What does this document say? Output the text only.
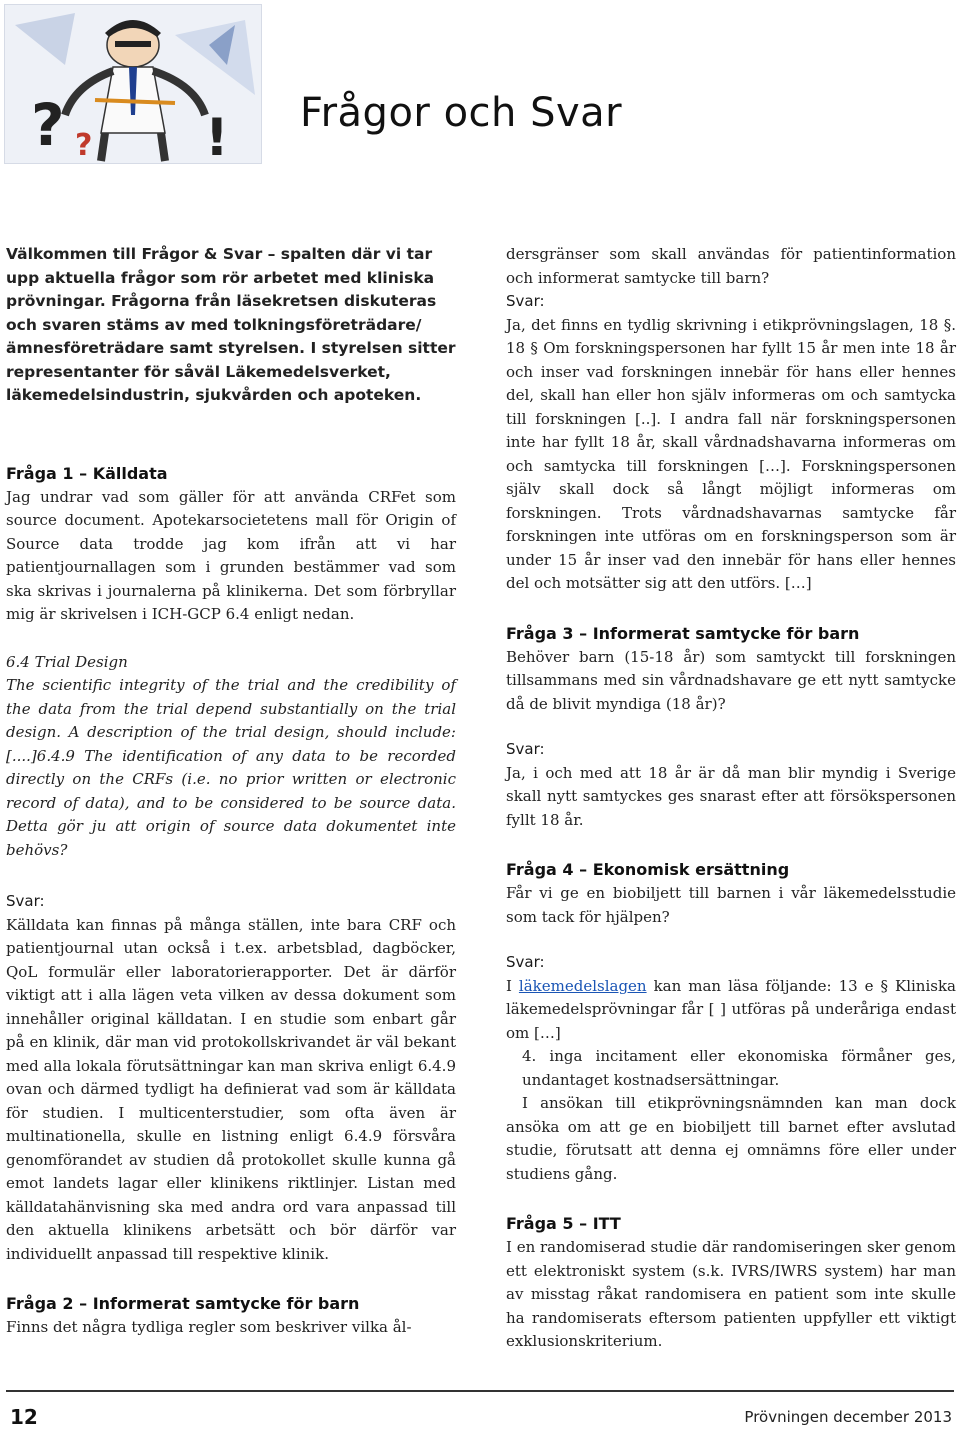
?	!
?
Frågor och Svar

Välkommen till Frågor & Svar – spalten där vi tar upp aktuella frågor som rör arbetet med kliniska prövningar. Frågorna från läsekretsen diskuteras och svaren stäms av med tolkningsföreträdare/ämnesföreträdare samt styrelsen. I styrelsen sitter representanter för såväl Läkemedelsverket, läkemedelsindustrin, sjukvården och apoteken.

Fråga 1 – Källdata

Jag undrar vad som gäller för att använda CRFet som source document. Apotekarsocietetens mall för Origin of Source data trodde jag kom ifrån att vi har patientjournallagen som i grunden bestämmer vad som ska skrivas i journalerna på klinikerna. Det som förbryllar mig är skrivelsen i ICH-GCP 6.4 enligt nedan.

6.4 Trial Design
The scientific integrity of the trial and the credibility of the data from the trial depend substantially on the trial design. A description of the trial design, should include: [....]6.4.9 The identification of any data to be recorded directly on the CRFs (i.e. no prior written or electronic record of data), and to be considered to be source data. Detta gör ju att origin of source data dokumentet inte behövs?

Svar:

Källdata kan finnas på många ställen, inte bara CRF och patientjournal utan också i t.ex. arbetsblad, dagböcker, QoL formulär eller laboratorierapporter. Det är därför viktigt att i alla lägen veta vilken av dessa dokument som innehåller original källdatan. I en studie som enbart går på en klinik, där man vid protokollskrivandet är väl bekant med alla lokala förutsättningar kan man skriva enligt 6.4.9 ovan och därmed tydligt ha definierat vad som är källdata för studien. I multicenterstudier, som ofta även är multinationella, skulle en listning enligt 6.4.9 försvåra genomförandet av studien då protokollet skulle kunna gå emot landets lagar eller klinikens riktlinjer. Listan med källdatahänvisning ska med andra ord vara anpassad till den aktuella klinikens arbetsätt och bör därför var individuellt anpassad till respektive klinik.

Fråga 2 – Informerat samtycke för barn

Finns det några tydliga regler som beskriver vilka ål-

dersgränser som skall användas för patientinformation och informerat samtycke till barn?

Svar:

Ja, det finns en tydlig skrivning i etikprövningslagen, 18 §. 18 § Om forskningspersonen har fyllt 15 år men inte 18 år och inser vad forskningen innebär för hans eller hennes del, skall han eller hon själv informeras om och samtycka till forskningen [..]. I andra fall när forskningspersonen inte har fyllt 18 år, skall vårdnadshavarna informeras om och samtycka till forskningen […]. Forskningspersonen själv skall dock så långt möjligt informeras om forskningen. Trots vårdnadshavarnas samtycke får forskningen inte utföras om en forskningsperson som är under 15 år inser vad den innebär för hans eller hennes del och motsätter sig att den utförs. […]

Fråga 3 – Informerat samtycke för barn

Behöver barn (15-18 år) som samtyckt till forskningen tillsammans med sin vårdnadshavare ge ett nytt samtycke då de blivit myndiga (18 år)?

Svar:

Ja, i och med att 18 år är då man blir myndig i Sverige skall nytt samtyckes ges snarast efter att försökspersonen fyllt 18 år.

Fråga 4 – Ekonomisk ersättning

Får vi ge en biobiljett till barnen i vår läkemedelsstudie som tack för hjälpen?

Svar:

I läkemedelslagen kan man läsa följande: 13 e § Kliniska läkemedelsprövningar får [ ] utföras på underåriga endast om […]

4. inga incitament eller ekonomiska förmåner ges, undantaget kostnadsersättningar.

I ansökan till etikprövningsnämnden kan man dock ansöka om att ge en biobiljett till barnet efter avslutad studie, förutsatt att denna ej omnämns före eller under studiens gång.

Fråga 5 – ITT

I en randomiserad studie där randomiseringen sker genom ett elektroniskt system (s.k. IVRS/IWRS system) har man av misstag råkat randomisera en patient som inte skulle ha randomiserats eftersom patienten uppfyller ett viktigt exklusionskriterium.

12	Prövningen december 2013
